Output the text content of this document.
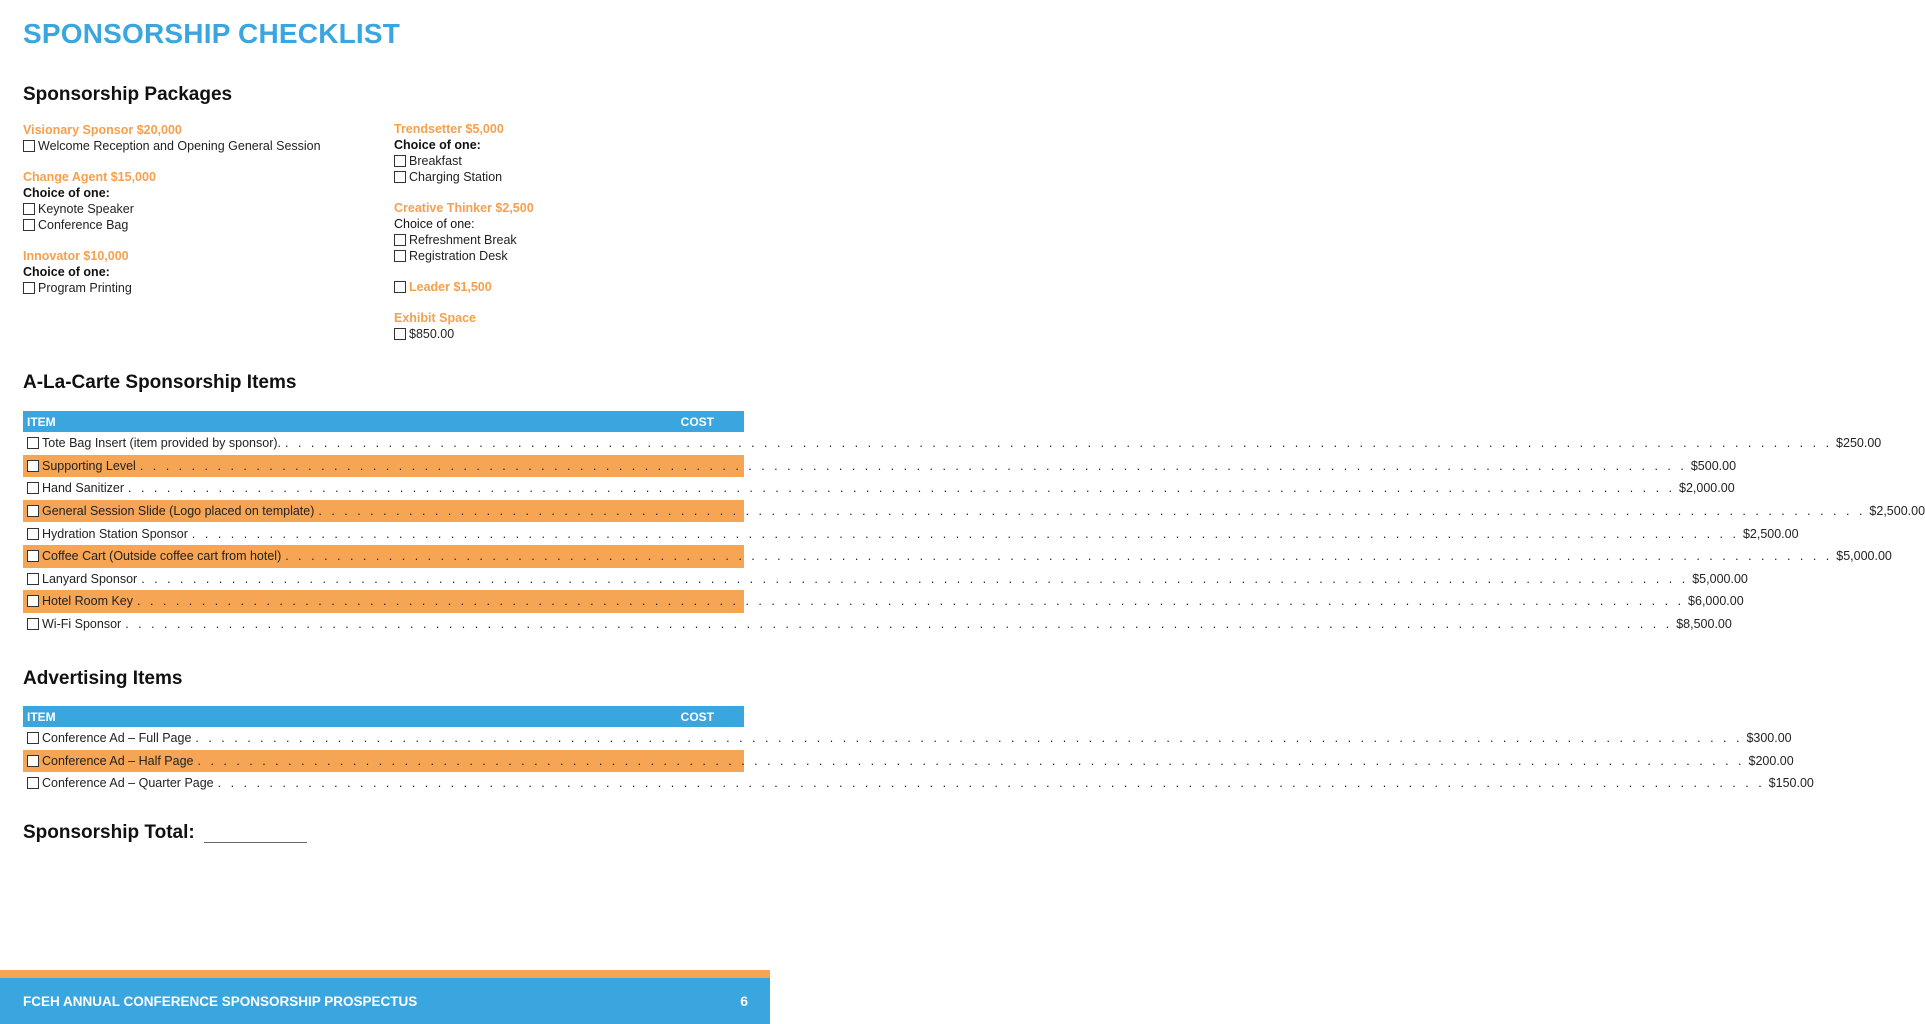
SPONSORSHIP CHECKLIST
Sponsorship Packages
Visionary Sponsor $20,000
Welcome Reception and Opening General Session
Change Agent $15,000
Choice of one:
Keynote Speaker
Conference Bag
Innovator $10,000
Choice of one:
Program Printing
Trendsetter $5,000
Choice of one:
Breakfast
Charging Station
Creative Thinker $2,500
Choice of one:
Refreshment Break
Registration Desk
Leader $1,500
Exhibit Space
$850.00
A-La-Carte Sponsorship Items
ITEM	COST
Tote Bag Insert (item provided by sponsor). . . . . . . . . . . . . . . . . . . . . . . . . . . . . . . . . . . . . . . . . . . . . . . . . . . . . . . . . . . . . . . . . . . . . . . . . . . . . . . . . . . . . . . . . . . . . . . . . . . . . . . . . . . . . . . . . . . . . . . . . $250.00
Supporting Level . . . . . . . . . . . . . . . . . . . . . . . . . . . . . . . . . . . . . . . . . . . . . . . . . . . . . . . . . . . . . . . . . . . . . . . . . . . . . . . . . . . . . . . . . . . . . . . . . . . . . . . . . . . . . . . . . . . . . . . . $500.00
Hand Sanitizer . . . . . . . . . . . . . . . . . . . . . . . . . . . . . . . . . . . . . . . . . . . . . . . . . . . . . . . . . . . . . . . . . . . . . . . . . . . . . . . . . . . . . . . . . . . . . . . . . . . . . . . . . . . . . . . . . . . . . . . . $2,000.00
General Session Slide (Logo placed on template) . . . . . . . . . . . . . . . . . . . . . . . . . . . . . . . . . . . . . . . . . . . . . . . . . . . . . . . . . . . . . . . . . . . . . . . . . . . . . . . . . . . . . . . . . . . . . . . . . . . . . . . . . . . . . . . . . . . . . . . . $2,500.00
Hydration Station Sponsor . . . . . . . . . . . . . . . . . . . . . . . . . . . . . . . . . . . . . . . . . . . . . . . . . . . . . . . . . . . . . . . . . . . . . . . . . . . . . . . . . . . . . . . . . . . . . . . . . . . . . . . . . . . . . . . . . . . . . . . . $2,500.00
Coffee Cart (Outside coffee cart from hotel) . . . . . . . . . . . . . . . . . . . . . . . . . . . . . . . . . . . . . . . . . . . . . . . . . . . . . . . . . . . . . . . . . . . . . . . . . . . . . . . . . . . . . . . . . . . . . . . . . . . . . . . . . . . . . . . . . . . . . . . . $5,000.00
Lanyard Sponsor . . . . . . . . . . . . . . . . . . . . . . . . . . . . . . . . . . . . . . . . . . . . . . . . . . . . . . . . . . . . . . . . . . . . . . . . . . . . . . . . . . . . . . . . . . . . . . . . . . . . . . . . . . . . . . . . . . . . . . . . $5,000.00
Hotel Room Key . . . . . . . . . . . . . . . . . . . . . . . . . . . . . . . . . . . . . . . . . . . . . . . . . . . . . . . . . . . . . . . . . . . . . . . . . . . . . . . . . . . . . . . . . . . . . . . . . . . . . . . . . . . . . . . . . . . . . . . . $6,000.00
Wi-Fi Sponsor . . . . . . . . . . . . . . . . . . . . . . . . . . . . . . . . . . . . . . . . . . . . . . . . . . . . . . . . . . . . . . . . . . . . . . . . . . . . . . . . . . . . . . . . . . . . . . . . . . . . . . . . . . . . . . . . . . . . . . . . $8,500.00
Advertising Items
ITEM	COST
Conference Ad – Full Page . . . . . . . . . . . . . . . . . . . . . . . . . . . . . . . . . . . . . . . . . . . . . . . . . . . . . . . . . . . . . . . . . . . . . . . . . . . . . . . . . . . . . . . . . . . . . . . . . . . . . . . . . . . . . . . . . . . . . . . . $300.00
Conference Ad – Half Page . . . . . . . . . . . . . . . . . . . . . . . . . . . . . . . . . . . . . . . . . . . . . . . . . . . . . . . . . . . . . . . . . . . . . . . . . . . . . . . . . . . . . . . . . . . . . . . . . . . . . . . . . . . . . . . . . . . . . . . . $200.00
Conference Ad – Quarter Page . . . . . . . . . . . . . . . . . . . . . . . . . . . . . . . . . . . . . . . . . . . . . . . . . . . . . . . . . . . . . . . . . . . . . . . . . . . . . . . . . . . . . . . . . . . . . . . . . . . . . . . . . . . . . . . . . . . . . . . . $150.00
Sponsorship Total:
FCEH ANNUAL CONFERENCE SPONSORSHIP PROSPECTUS	6
